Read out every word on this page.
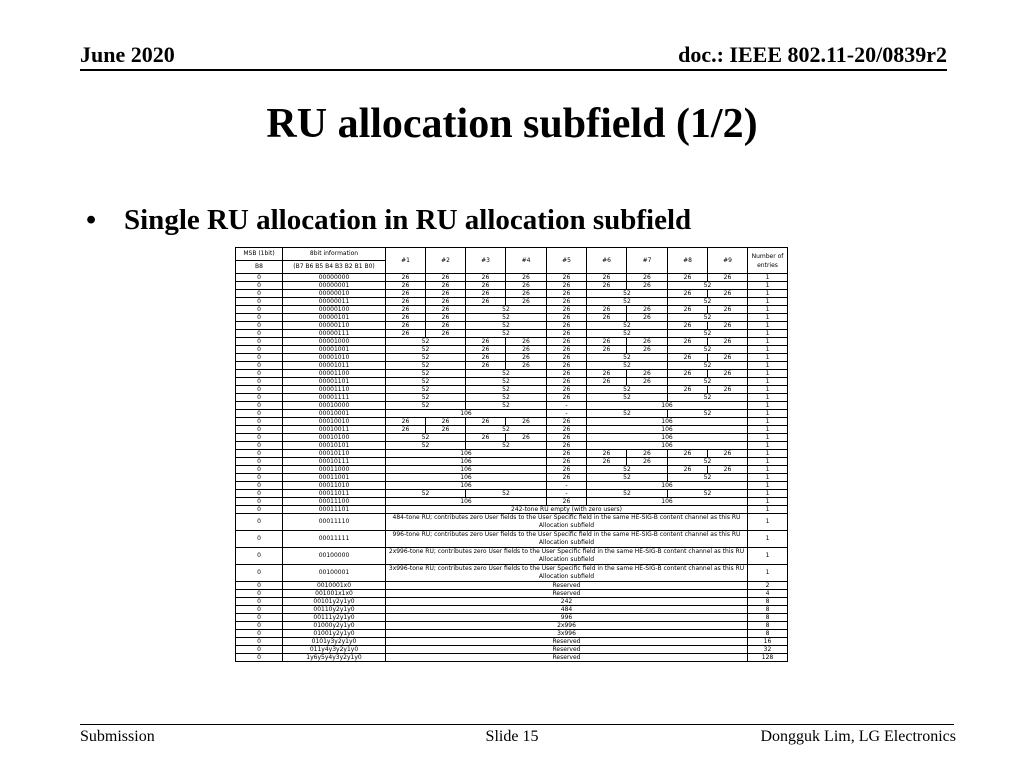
June 2020	doc.: IEEE 802.11-20/0839r2
RU allocation subfield (1/2)
• Single RU allocation in RU allocation subfield
MSB (1bit)	8bit information	#1	#2	#3	#4	#5	#6	#7	#8	#9	Number of entries
B8	(B7 B6 B5 B4 B3 B2 B1 B0)										
0	00000000	26	26	26	26	26	26	26	26	26	1
0	00000001	26	26	26	26	26	26	26	52		1
0	00000010	26	26	26	26	26	52		26	26	1
0	00000011	26	26	26	26	26	52		52		1
0	00000100	26	26	52		26	26	26	26	26	1
0	00000101	26	26	52		26	26	26	52		1
0	00000110	26	26	52		26	52		26	26	1
0	00000111	26	26	52		26	52		52		1
0	00001000	52		26	26	26	26	26	26	26	1
0	00001001	52		26	26	26	26	26	52		1
0	00001010	52		26	26	26	52		26	26	1
0	00001011	52		26	26	26	52		52		1
0	00001100	52		52		26	26	26	26	26	1
0	00001101	52		52		26	26	26	52		1
0	00001110	52		52		26	52		26	26	1
0	00001111	52		52		26	52		52		1
0	00010000	52		52		-	106				1
0	00010001	106				-	52		52		1
0	00010010	26	26	26	26	26	106				1
0	00010011	26	26	52		26	106				1
0	00010100	52		26	26	26	106				1
0	00010101	52		52		26	106				1
0	00010110	106				26	26	26	26	26	1
0	00010111	106				26	26	26	52		1
0	00011000	106				26	52		26	26	1
0	00011001	106				26	52		52		1
0	00011010	106				-	106				1
0	00011011	52		52		-	52		52		1
0	00011100	106				26	106				1
0	00011101	242-tone RU empty (with zero users)									1
0	00011110	484-tone RU; contributes zero User fields to the User Specific field in the same HE-SIG-B content channel as this RU Allocation subfield									1
0	00011111	996-tone RU; contributes zero User fields to the User Specific field in the same HE-SIG-B content channel as this RU Allocation subfield									1
0	00100000	2x996-tone RU; contributes zero User fields to the User Specific field in the same HE-SIG-B content channel as this RU Allocation subfield									1
0	00100001	3x996-tone RU; contributes zero User fields to the User Specific field in the same HE-SIG-B content channel as this RU Allocation subfield									1
0	0010001x0	Reserved									2
0	001001x1x0	Reserved									4
0	00101y2y1y0	242									8
0	00110y2y1y0	484									8
0	00111y2y1y0	996									8
0	01000y2y1y0	2x996									8
0	01001y2y1y0	3x996									8
0	0101y3y2y1y0	Reserved									16
0	011y4y3y2y1y0	Reserved									32
0	1y6y5y4y3y2y1y0	Reserved									128
Submission	Slide 15	Dongguk Lim, LG Electronics
